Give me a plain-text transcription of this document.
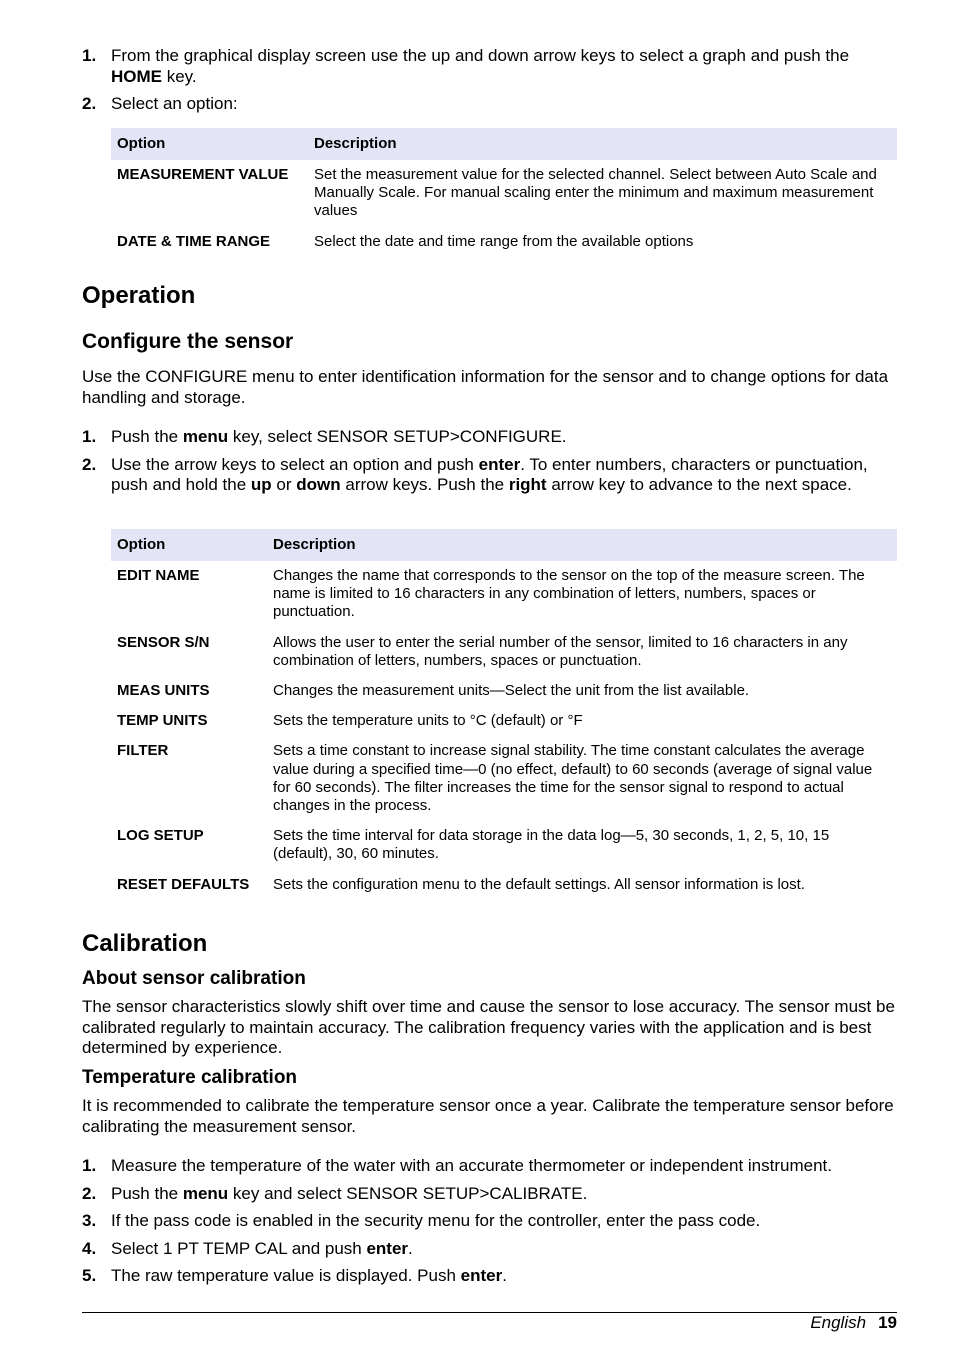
1. From the graphical display screen use the up and down arrow keys to select a graph and push the HOME key.
2. Select an option:
Option	Description
MEASUREMENT VALUE	Set the measurement value for the selected channel. Select between Auto Scale and Manually Scale. For manual scaling enter the minimum and maximum measurement values
DATE & TIME RANGE	Select the date and time range from the available options
Operation
Configure the sensor

Use the CONFIGURE menu to enter identification information for the sensor and to change options for data handling and storage.

1. Push the menu key, select SENSOR SETUP>CONFIGURE.
2. Use the arrow keys to select an option and push enter. To enter numbers, characters or punctuation, push and hold the up or down arrow keys. Push the right arrow key to advance to the next space.
Option	Description
EDIT NAME	Changes the name that corresponds to the sensor on the top of the measure screen. The name is limited to 16 characters in any combination of letters, numbers, spaces or punctuation.
SENSOR S/N	Allows the user to enter the serial number of the sensor, limited to 16 characters in any combination of letters, numbers, spaces or punctuation.
MEAS UNITS	Changes the measurement units—Select the unit from the list available.
TEMP UNITS	Sets the temperature units to °C (default) or °F
FILTER	Sets a time constant to increase signal stability. The time constant calculates the average value during a specified time—0 (no effect, default) to 60 seconds (average of signal value for 60 seconds). The filter increases the time for the sensor signal to respond to actual changes in the process.
LOG SETUP	Sets the time interval for data storage in the data log—5, 30 seconds, 1, 2, 5, 10, 15 (default), 30, 60 minutes.
RESET DEFAULTS	Sets the configuration menu to the default settings. All sensor information is lost.
Calibration
About sensor calibration

The sensor characteristics slowly shift over time and cause the sensor to lose accuracy. The sensor must be calibrated regularly to maintain accuracy. The calibration frequency varies with the application and is best determined by experience.

Temperature calibration

It is recommended to calibrate the temperature sensor once a year. Calibrate the temperature sensor before calibrating the measurement sensor.

1. Measure the temperature of the water with an accurate thermometer or independent instrument.
2. Push the menu key and select SENSOR SETUP>CALIBRATE.
3. If the pass code is enabled in the security menu for the controller, enter the pass code.
4. Select 1 PT TEMP CAL and push enter.
5. The raw temperature value is displayed. Push enter.
English 19
